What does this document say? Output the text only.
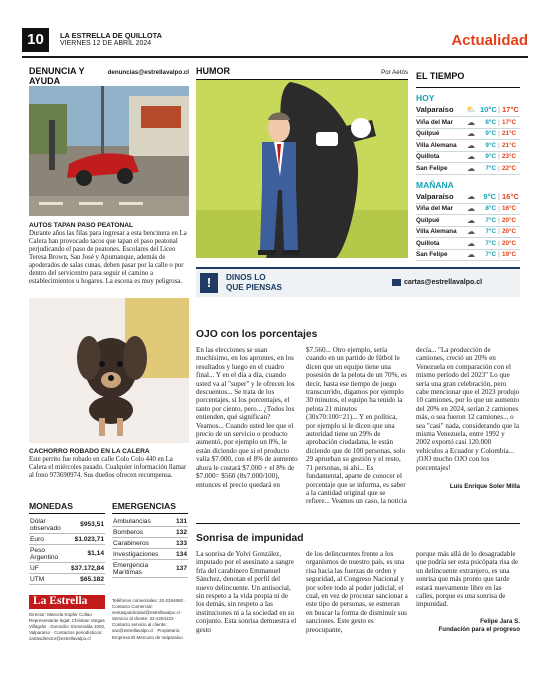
10	LA ESTRELLA DE QUILLOTA
VIERNES 12 DE ABRIL 2024	Actualidad
DENUNCIA Y AYUDA
denuncias@estrellavalpo.cl
AUTOS TAPAN PASO PEATONAL
Durante años las filas para ingresar a esta bencinera en La Calera han provocado tacos que tapan el paso peatonal perjudicando el paso de peatones. Escolares del Liceo Teresa Brown, San José y Apumanque, además de apoderados de salas cunas, deben pasar por la calle o por dentro del servicentro para seguir el camino a establecimientos u hogares. La escena es muy peligrosa.
CACHORRO ROBADO EN LA CALERA
Este perrito fue robado en calle Colo Colo 440 en La Calera el miércoles pasado. Cualquier información llamar al fono 973690974. Sus dueños ofrecen recompensa.
HUMOR	Por Aetós EL TIEMPO
HOY
Valparaíso	⛅ 10°C | 17°C
Viña del Mar	☁	8°C | 17°C
Quilpué	☁	9°C | 21°C
Villa Alemana	☁	9°C | 21°C
Quillota	☁	9°C | 23°C
San Felipe	☁	7°C | 22°C
MAÑANA
Valparaíso	☁	9°C | 16°C
Viña del Mar	☁	8°C | 16°C
Quilpué	☁	7°C | 20°C
Villa Alemana	☁	7°C | 20°C
Quillota	☁	7°C | 20°C
San Felipe	☁	7°C | 19°C
!	DINOS LO
QUE PIENSAS
cartas@estrellavalpo.cl
OJO con los porcentajes
En las elecciones se usan muchísimo, en los aprontes, en los resultados y luego en el cuadro final... Y en el día a día, cuando usted va al "super" y le ofrecen los descuentos... Se trata de los porcentajes, sí los porcentajes, el tanto por ciento, pero... ¿Todos los entienden, qué significan? Veamos... Cuando usted lee que el precio de un servicio o producto aumentó, por ejemplo un 8%, le están diciendo que si el producto valía $7.000, con el 8% de aumento ahora le costará $7.000 + el 8% de $7.000= $560 (8x7.000/100), entonces el precio quedará en
$7.560... Otro ejemplo, sería cuando en un partido de fútbol le dicen que un equipo tiene una posesión de la pelota de un 70%, es decir, hasta ese tiempo de juego transcurrido, digamos por ejemplo 30 minutos, el equipo ha tenido la pelota 21 minutos (30x70:100=21)... Y en política, por ejemplo si le dicen que una autoridad tiene un 29% de aprobación ciudadana, le están diciendo que de 100 personas, solo 29 aprueban su gestión y el resto, 71 personas, ni ahí... Es fundamental, aparte de conocer el porcentaje que se informa, es saber a la cantidad original que se refiere... Veamos un caso, la noticia
decía... "La producción de camiones, creció un 20% en Venezuela en comparación con el mismo período del 2023" Lo que sería una gran celebración, pero cabe mencionar que el 2023 produjo 10 camiones, por lo que un aumento del 20% en 2024, serían 2 camiones más, o sea fueron 12 camiones... o sea "casi" nada, considerando que la misma Venezuela, entre 1992 y 2002 exportó casi 120.000 vehículos a Ecuador y Colombia... ¡OJO mucho OJO con los porcentajes!
Luis Enrique Soler Milla
Sonrisa de impunidad
La sonrisa de Yolvi González, imputado por el asesinato a sangre fría del carabinero Emmanuel Sánchez, denotan el perfil del nuevo delincuente. Un antisocial, sin respeto a la vida propia ni de los demás, sin respeto a las instituciones ni a la sociedad en su conjunto. Esta sonrisa demuestra el gesto
de los delincuentes frente a los organismos de nuestro país, es una risa hacia las fuerzas de orden y seguridad, al Congreso Nacional y por sobre todo al poder judicial, el cual, en vez de procurar sancionar a este tipo de personas, se esmeran en buscar la forma de disminuir sus sanciones. Este gesto es preocupante,
porque más allá de lo desagradable que podría ser esta psicópata risa de un delincuente extranjero, es una sonrisa que más pronto que tarde estará nuevamente libre en las calles, porque es una sonrisa de impunidad.
Felipe Jara S.
Fundación para el progreso
MONEDAS
Dólar observado	$953,51
Euro	$1.023,71
Peso Argentino	$1,14
UF	$37.172,84
UTM	$65.182
EMERGENCIAS
Ambulancias	131
Bomberos	132
Carabineros	133
Investigaciones	134
Emergencia Marítimas	137
La Estrella
Director: Marcela Küpfer Collao · Representante legal: Christian Vargas Villagrán · Domicilio: Esmeralda 1002, Valparaíso · Contactos periodísticos: cartasdirector@estrellavalpo.cl
Teléfonos comerciales: 32-2264650 · Contacto Comercial: ventaspublicidad@estrellavalpo.cl · Servicio al cliente: 32-2264123 · Contacto servicio al cliente: sac@estrellavalpo.cl · Propietario: Empresa El Mercurio de Valparaíso
